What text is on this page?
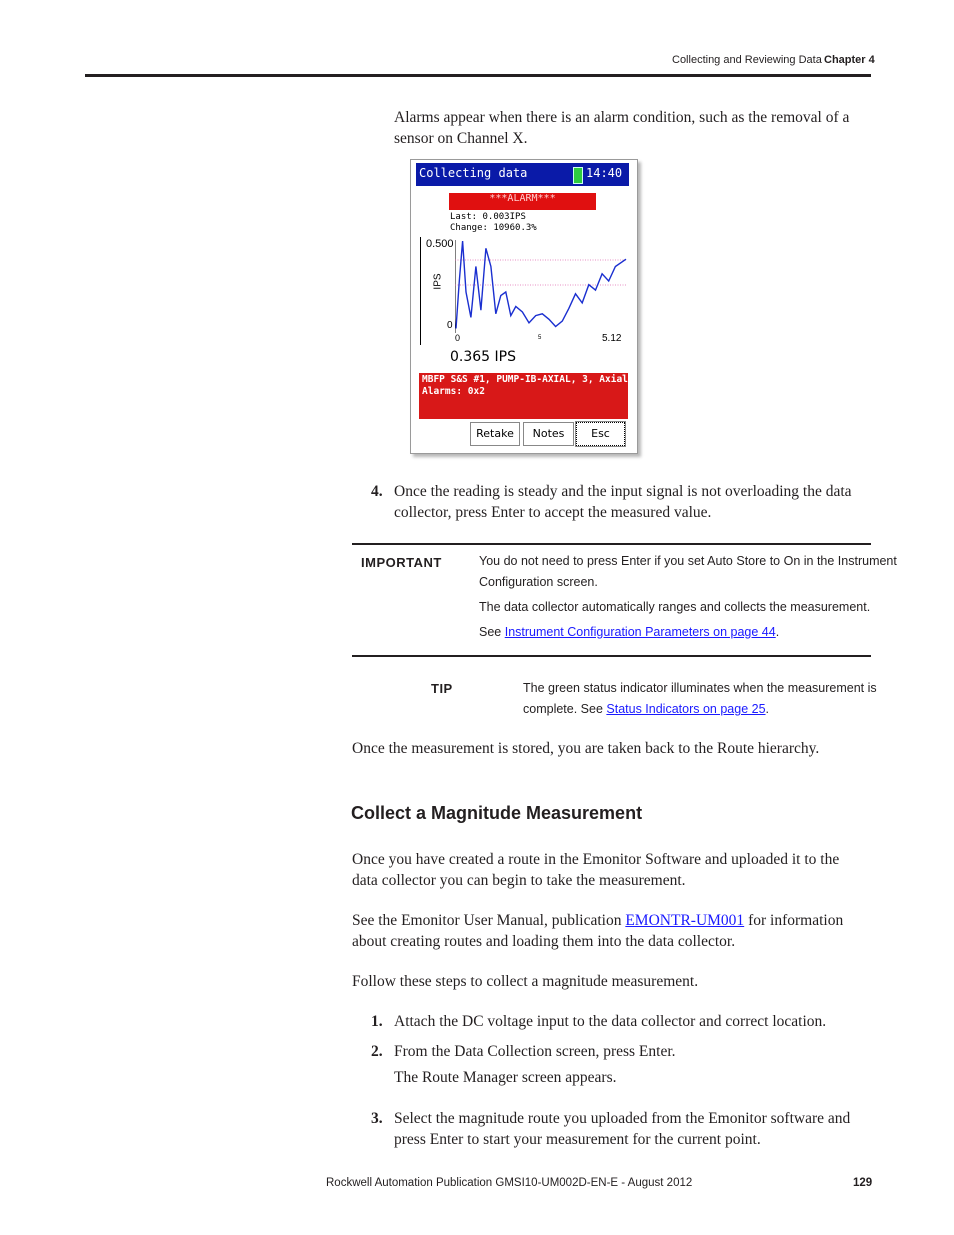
Collecting and Reviewing Data Chapter 4
Alarms appear when there is an alarm condition, such as the removal of a
sensor on Channel X.
Collecting data	14:40
***ALARM***
Last: 0.003IPS
Change: 10960.3%
0.500
IPS
0
0	5	5.12
0.365 IPS
MBFP S&S #1, PUMP-IB-AXIAL, 3, Axial
Alarms: 0x2
Retake	Notes	Esc
4. Once the reading is steady and the input signal is not overloading the data
collector, press Enter to accept the measured value.
IMPORTANT	You do not need to press Enter if you set Auto Store to On in the Instrument
Configuration screen.
The data collector automatically ranges and collects the measurement.
See Instrument Configuration Parameters on page 44.
TIP	The green status indicator illuminates when the measurement is
complete. See Status Indicators on page 25.
Once the measurement is stored, you are taken back to the Route hierarchy.
Collect a Magnitude Measurement
Once you have created a route in the Emonitor Software and uploaded it to the
data collector you can begin to take the measurement.
See the Emonitor User Manual, publication EMONTR-UM001 for information
about creating routes and loading them into the data collector.
Follow these steps to collect a magnitude measurement.
1. Attach the DC voltage input to the data collector and correct location.
2. From the Data Collection screen, press Enter.
The Route Manager screen appears.
3. Select the magnitude route you uploaded from the Emonitor software and
press Enter to start your measurement for the current point.
Rockwell Automation Publication GMSI10-UM002D-EN-E - August 2012	129
